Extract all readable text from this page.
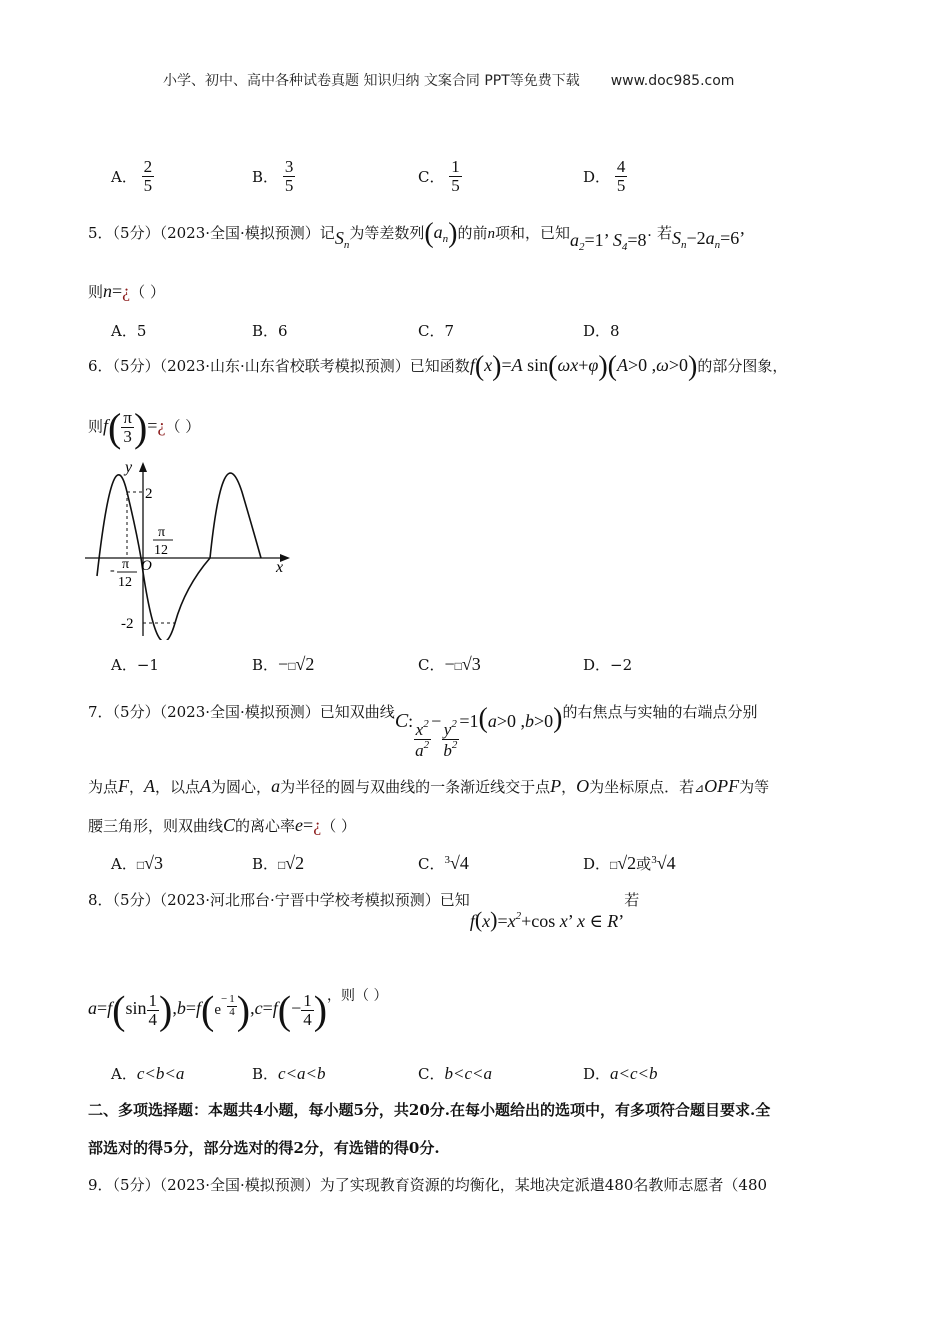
小学、初中、高中各种试卷真题 知识归纳 文案合同 PPT等免费下载 www.doc985.com
A． $\frac{2}{5}$	B． $\frac{3}{5}$	C． $\frac{1}{5}$	D． $\frac{4}{5}$
5．（5分）（2023·全国·模拟预测）记$S_n$为等差数列$(a_n)$的前n项和，已知$a_2=1$’ $S_4=8˙$ 若$S_n-2a_n=6$’
则n=¿（ ）
A．5	B．6	C．7	D．8
6．（5分）（2023·山东·山东省校联考模拟预测）已知函数f(x)=A sin(ωx+φ)(A>0 ,ω>0)的部分图象，
则$f( \frac{\pi}{3}$ )=¿（ ）
y
x
2
-2
O
π
12
- π
12
A．−1	B．−□√2	C．−□√3	D．−2
7．（5分）（2023·全国·模拟预测）已知双曲线C: $\frac{x^2}{a^2} - \frac{y^2}{b^2} =1(a>0$ ,b>0)的右焦点与实轴的右端点分别
为点F，A，以点A为圆心，a为半径的圆与双曲线的一条渐近线交于点P，O为坐标原点．若⊿OPF为等
腰三角形，则双曲线C的离心率e=¿（ ）
A．□√3	B．□√2	C．$^3$√4	D．□√2或$^3$√4
8．（5分）（2023·河北邢台·宁晋中学校考模拟预测）已知$f(x)=x^2+\cos$ x’ x ∈ R’若
$a=f(\sin \frac{1}{4} ),b=f(e^- \frac{1}{4} ),c=f(- \frac{1}{4}$ )，则（ ）
A．c<b<a	B．c<a<b	C．b<c<a	D．a<c<b
二、多项选择题：本题共4小题，每小题5分，共20分.在每小题给出的选项中，有多项符合题目要求.全
部选对的得5分，部分选对的得2分，有选错的得0分.
9．（5分）（2023·全国·模拟预测）为了实现教育资源的均衡化，某地决定派遣480名教师志愿者（480
